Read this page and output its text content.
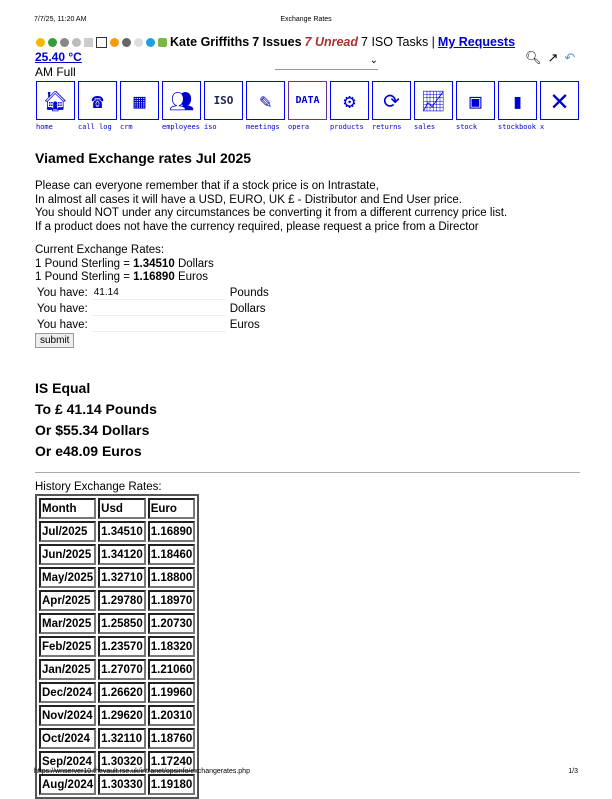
7/7/25, 11:20 AM	Exchange Rates
Kate Griffiths 7 Issues 7 Unread 7 ISO Tasks | My Requests
25.40 °C
AM Full
⌄	🔍︎ ↗ ↶
🏠︎
home
☎
call log
▦
crm
👥︎
employees
ISO
iso
✎
meetings
DATA
opera
⚙
products
⟳
returns
📈︎
sales
▣
stock
▮
stockbook
✕
x
Viamed Exchange rates Jul 2025

Please can everyone remember that if a stock price is on Intrastate,

In almost all cases it will have a USD, EURO, UK £ - Distributor and End User price.

You should NOT under any circumstances be converting it from a different currency price list.

If a product does not have the currency required, please request a price from a Director

Current Exchange Rates:

1 Pound Sterling = 1.34510 Dollars

1 Pound Sterling = 1.16890 Euros

You have:	41.14	Pounds
You have:		Dollars
You have:		Euros
submit
IS Equal
To £ 41.14 Pounds
Or $55.34 Dollars
Or e48.09 Euros

History Exchange Rates:

Month	Usd	Euro
Jul/2025	1.34510	1.16890
Jun/2025	1.34120	1.18460
May/2025	1.32710	1.18800
Apr/2025	1.29780	1.18970
Mar/2025	1.25850	1.20730
Feb/2025	1.23570	1.18320
Jan/2025	1.27070	1.21060
Dec/2024	1.26620	1.19960
Nov/2024	1.29620	1.20310
Oct/2024	1.32110	1.18760
Sep/2024	1.30320	1.17240
Aug/2024	1.30330	1.19180
https://wnserver10.thevault.rse.uk/intranet/opsinfo/exchangerates.php	1/3
